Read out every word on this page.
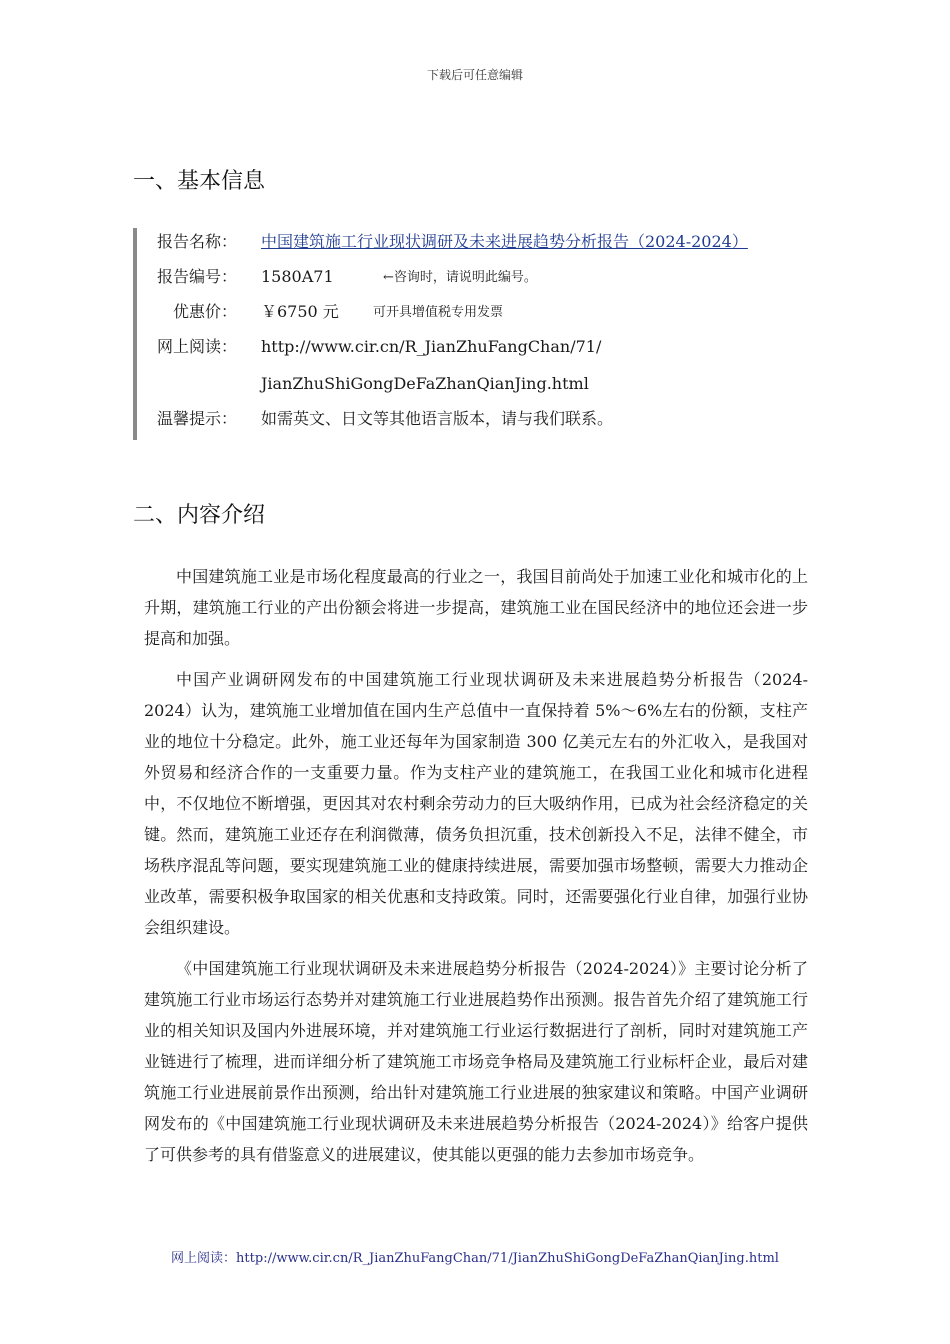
下载后可任意编辑
一、基本信息
报告名称： 中国建筑施工行业现状调研及未来进展趋势分析报告（2024-2024）
报告编号： 1580A71	←咨询时，请说明此编号。
优惠价： ￥6750 元	可开具增值税专用发票
网上阅读： http://www.cir.cn/R_JianZhuFangChan/71/
JianZhuShiGongDeFaZhanQianJing.html
温馨提示： 如需英文、日文等其他语言版本，请与我们联系。
二、内容介绍

中国建筑施工业是市场化程度最高的行业之一，我国目前尚处于加速工业化和城市化的上升期，建筑施工行业的产出份额会将进一步提高，建筑施工业在国民经济中的地位还会进一步提高和加强。

中国产业调研网发布的中国建筑施工行业现状调研及未来进展趋势分析报告（2024-2024）认为，建筑施工业增加值在国内生产总值中一直保持着 5%～6%左右的份额，支柱产业的地位十分稳定。此外，施工业还每年为国家制造 300 亿美元左右的外汇收入，是我国对外贸易和经济合作的一支重要力量。作为支柱产业的建筑施工，在我国工业化和城市化进程中，不仅地位不断增强，更因其对农村剩余劳动力的巨大吸纳作用，已成为社会经济稳定的关键。然而，建筑施工业还存在利润微薄，债务负担沉重，技术创新投入不足，法律不健全，市场秩序混乱等问题，要实现建筑施工业的健康持续进展，需要加强市场整顿，需要大力推动企业改革，需要积极争取国家的相关优惠和支持政策。同时，还需要强化行业自律，加强行业协会组织建设。

《中国建筑施工行业现状调研及未来进展趋势分析报告（2024-2024）》主要讨论分析了建筑施工行业市场运行态势并对建筑施工行业进展趋势作出预测。报告首先介绍了建筑施工行业的相关知识及国内外进展环境，并对建筑施工行业运行数据进行了剖析，同时对建筑施工产业链进行了梳理，进而详细分析了建筑施工市场竞争格局及建筑施工行业标杆企业，最后对建筑施工行业进展前景作出预测，给出针对建筑施工行业进展的独家建议和策略。中国产业调研网发布的《中国建筑施工行业现状调研及未来进展趋势分析报告（2024-2024）》给客户提供了可供参考的具有借鉴意义的进展建议，使其能以更强的能力去参加市场竞争。

网上阅读：http://www.cir.cn/R_JianZhuFangChan/71/JianZhuShiGongDeFaZhanQianJing.html
